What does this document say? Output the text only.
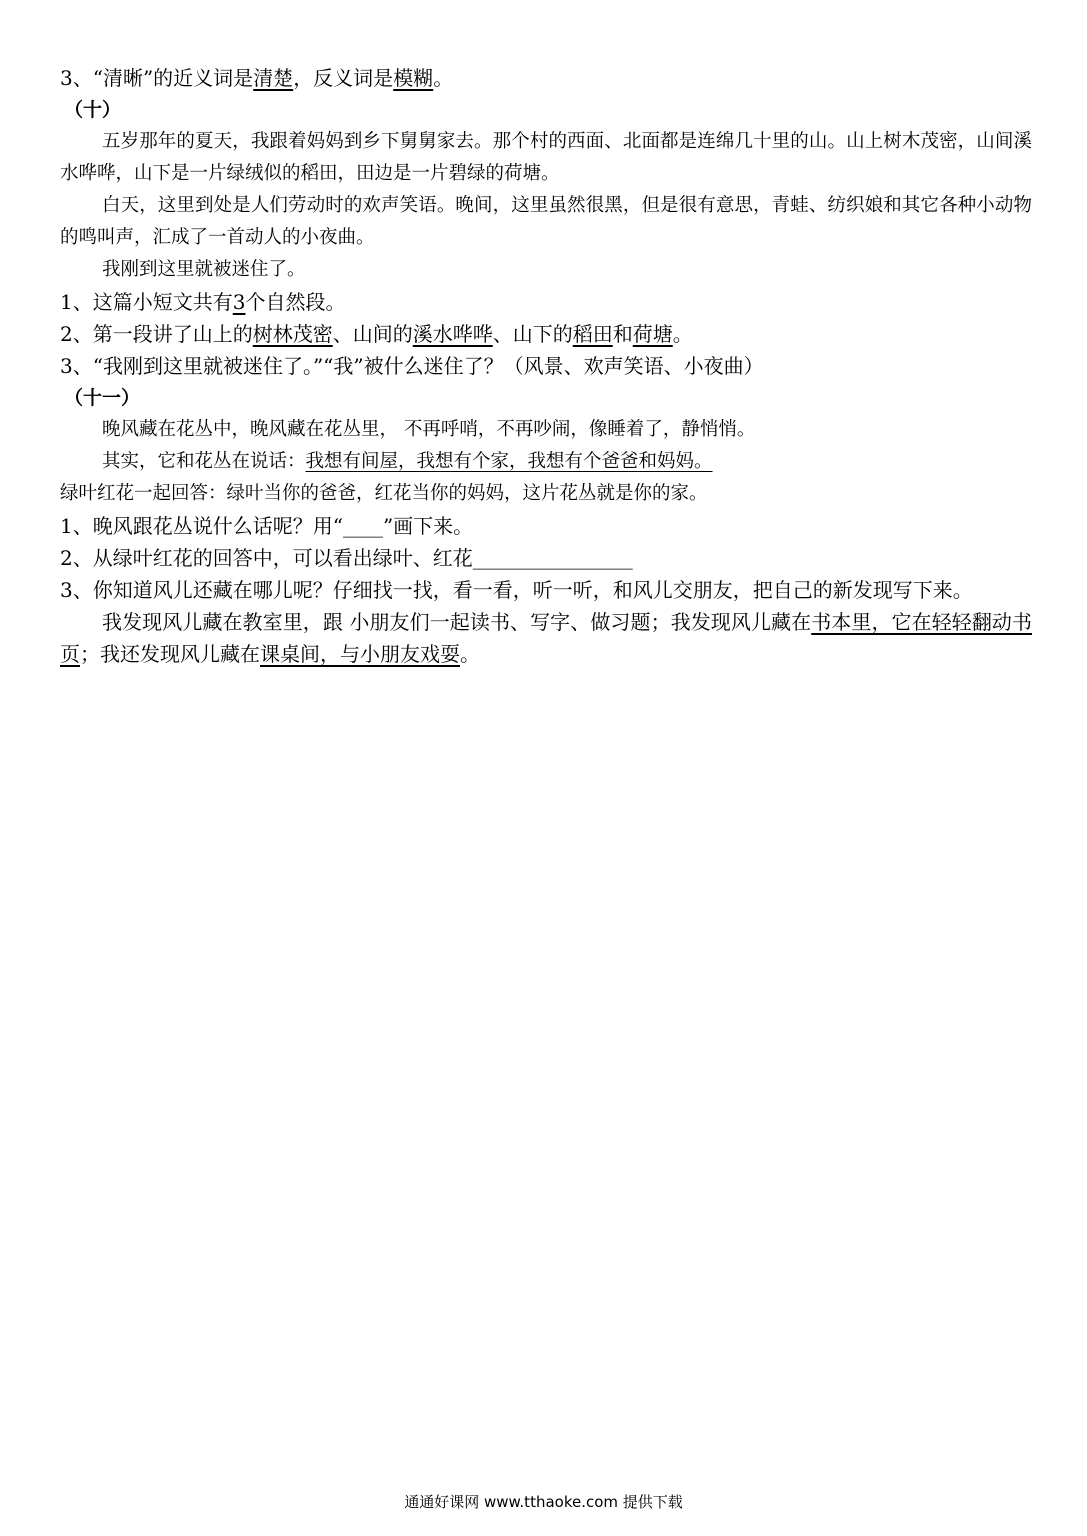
3、“清晰”的近义词是清楚，反义词是模糊。

（十）

五岁那年的夏天，我跟着妈妈到乡下舅舅家去。那个村的西面、北面都是连绵几十里的山。山上树木茂密，山间溪水哗哗，山下是一片绿绒似的稻田，田边是一片碧绿的荷塘。

白天，这里到处是人们劳动时的欢声笑语。晚间，这里虽然很黑，但是很有意思，青蛙、纺织娘和其它各种小动物的鸣叫声，汇成了一首动人的小夜曲。

我刚到这里就被迷住了。

1、这篇小短文共有3个自然段。

2、第一段讲了山上的树林茂密、山间的溪水哗哗、山下的稻田和荷塘。

3、“我刚到这里就被迷住了。”“我”被什么迷住了？（风景、欢声笑语、小夜曲）

（十一）

晚风藏在花丛中，晚风藏在花丛里， 不再呼哨，不再吵闹，像睡着了，静悄悄。

其实，它和花丛在说话：我想有间屋，我想有个家，我想有个爸爸和妈妈。

绿叶红花一起回答：绿叶当你的爸爸，红花当你的妈妈，这片花丛就是你的家。

1、晚风跟花丛说什么话呢？用“____”画下来。

2、从绿叶红花的回答中，可以看出绿叶、红花________________

3、你知道风儿还藏在哪儿呢？仔细找一找，看一看，听一听，和风儿交朋友，把自己的新发现写下来。

我发现风儿藏在教室里，跟 小朋友们一起读书、写字、做习题；我发现风儿藏在书本里，它在轻轻翻动书页；我还发现风儿藏在课桌间，与小朋友戏耍。

通通好课网 www.tthaoke.com 提供下载
